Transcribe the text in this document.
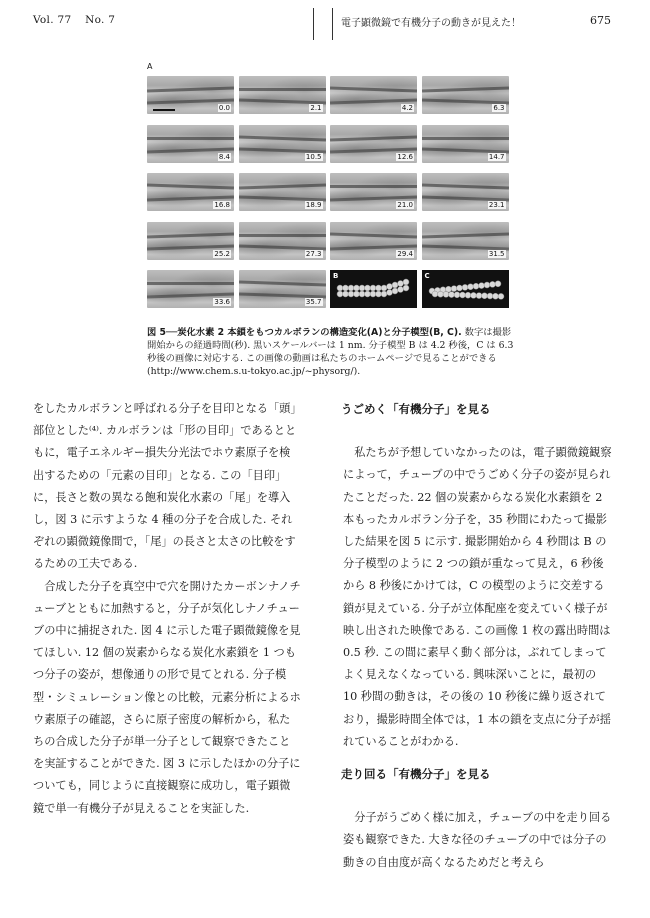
Vol. 77 No. 7	電子顕微鏡で有機分子の動きが見えた！	675
A
0.0	2.1	4.2	6.3
8.4	10.5	12.6	14.7
16.8	18.9	21.0	23.1
25.2	27.3	29.4	31.5
33.6	35.7
B	C
図 5──炭化水素 2 本鎖をもつカルボランの構造変化(A)と分子模型(B, C). 数字は撮影開始からの経過時間(秒). 黒いスケールバーは 1 nm. 分子模型 B は 4.2 秒後，C は 6.3 秒後の画像に対応する. この画像の動画は私たちのホームページで見ることができる(http://www.chem.s.u-tokyo.ac.jp/~physorg/).

をしたカルボランと呼ばれる分子を目印となる「頭」部位とした⁽⁴⁾. カルボランは「形の目印」であるとともに，電子エネルギー損失分光法でホウ素原子を検出するための「元素の目印」となる. この「目印」に，長さと数の異なる飽和炭化水素の「尾」を導入し，図 3 に示すような 4 種の分子を合成した. それぞれの顕微鏡像間で，「尾」の長さと太さの比較をするための工夫である.

合成した分子を真空中で穴を開けたカーボンナノチューブとともに加熱すると，分子が気化しナノチューブの中に捕捉された. 図 4 に示した電子顕微鏡像を見てほしい. 12 個の炭素からなる炭化水素鎖を 1 つもつ分子の姿が，想像通りの形で見てとれる. 分子模型・シミュレーション像との比較，元素分析によるホウ素原子の確認，さらに原子密度の解析から，私たちの合成した分子が単一分子として観察できたことを実証することができた. 図 3 に示したほかの分子についても，同じように直接観察に成功し，電子顕微鏡で単一有機分子が見えることを実証した.

うごめく「有機分子」を見る

私たちが予想していなかったのは，電子顕微鏡観察によって，チューブの中でうごめく分子の姿が見られたことだった. 22 個の炭素からなる炭化水素鎖を 2 本もったカルボラン分子を，35 秒間にわたって撮影した結果を図 5 に示す. 撮影開始から 4 秒間は B の分子模型のように 2 つの鎖が重なって見え，6 秒後から 8 秒後にかけては，C の模型のように交差する鎖が見えている. 分子が立体配座を変えていく様子が映し出された映像である. この画像 1 枚の露出時間は 0.5 秒. この間に素早く動く部分は，ぶれてしまってよく見えなくなっている. 興味深いことに，最初の 10 秒間の動きは，その後の 10 秒後に繰り返されており，撮影時間全体では，1 本の鎖を支点に分子が揺れていることがわかる.

走り回る「有機分子」を見る

分子がうごめく様に加え，チューブの中を走り回る姿も観察できた. 大きな径のチューブの中では分子の動きの自由度が高くなるためだと考えら
